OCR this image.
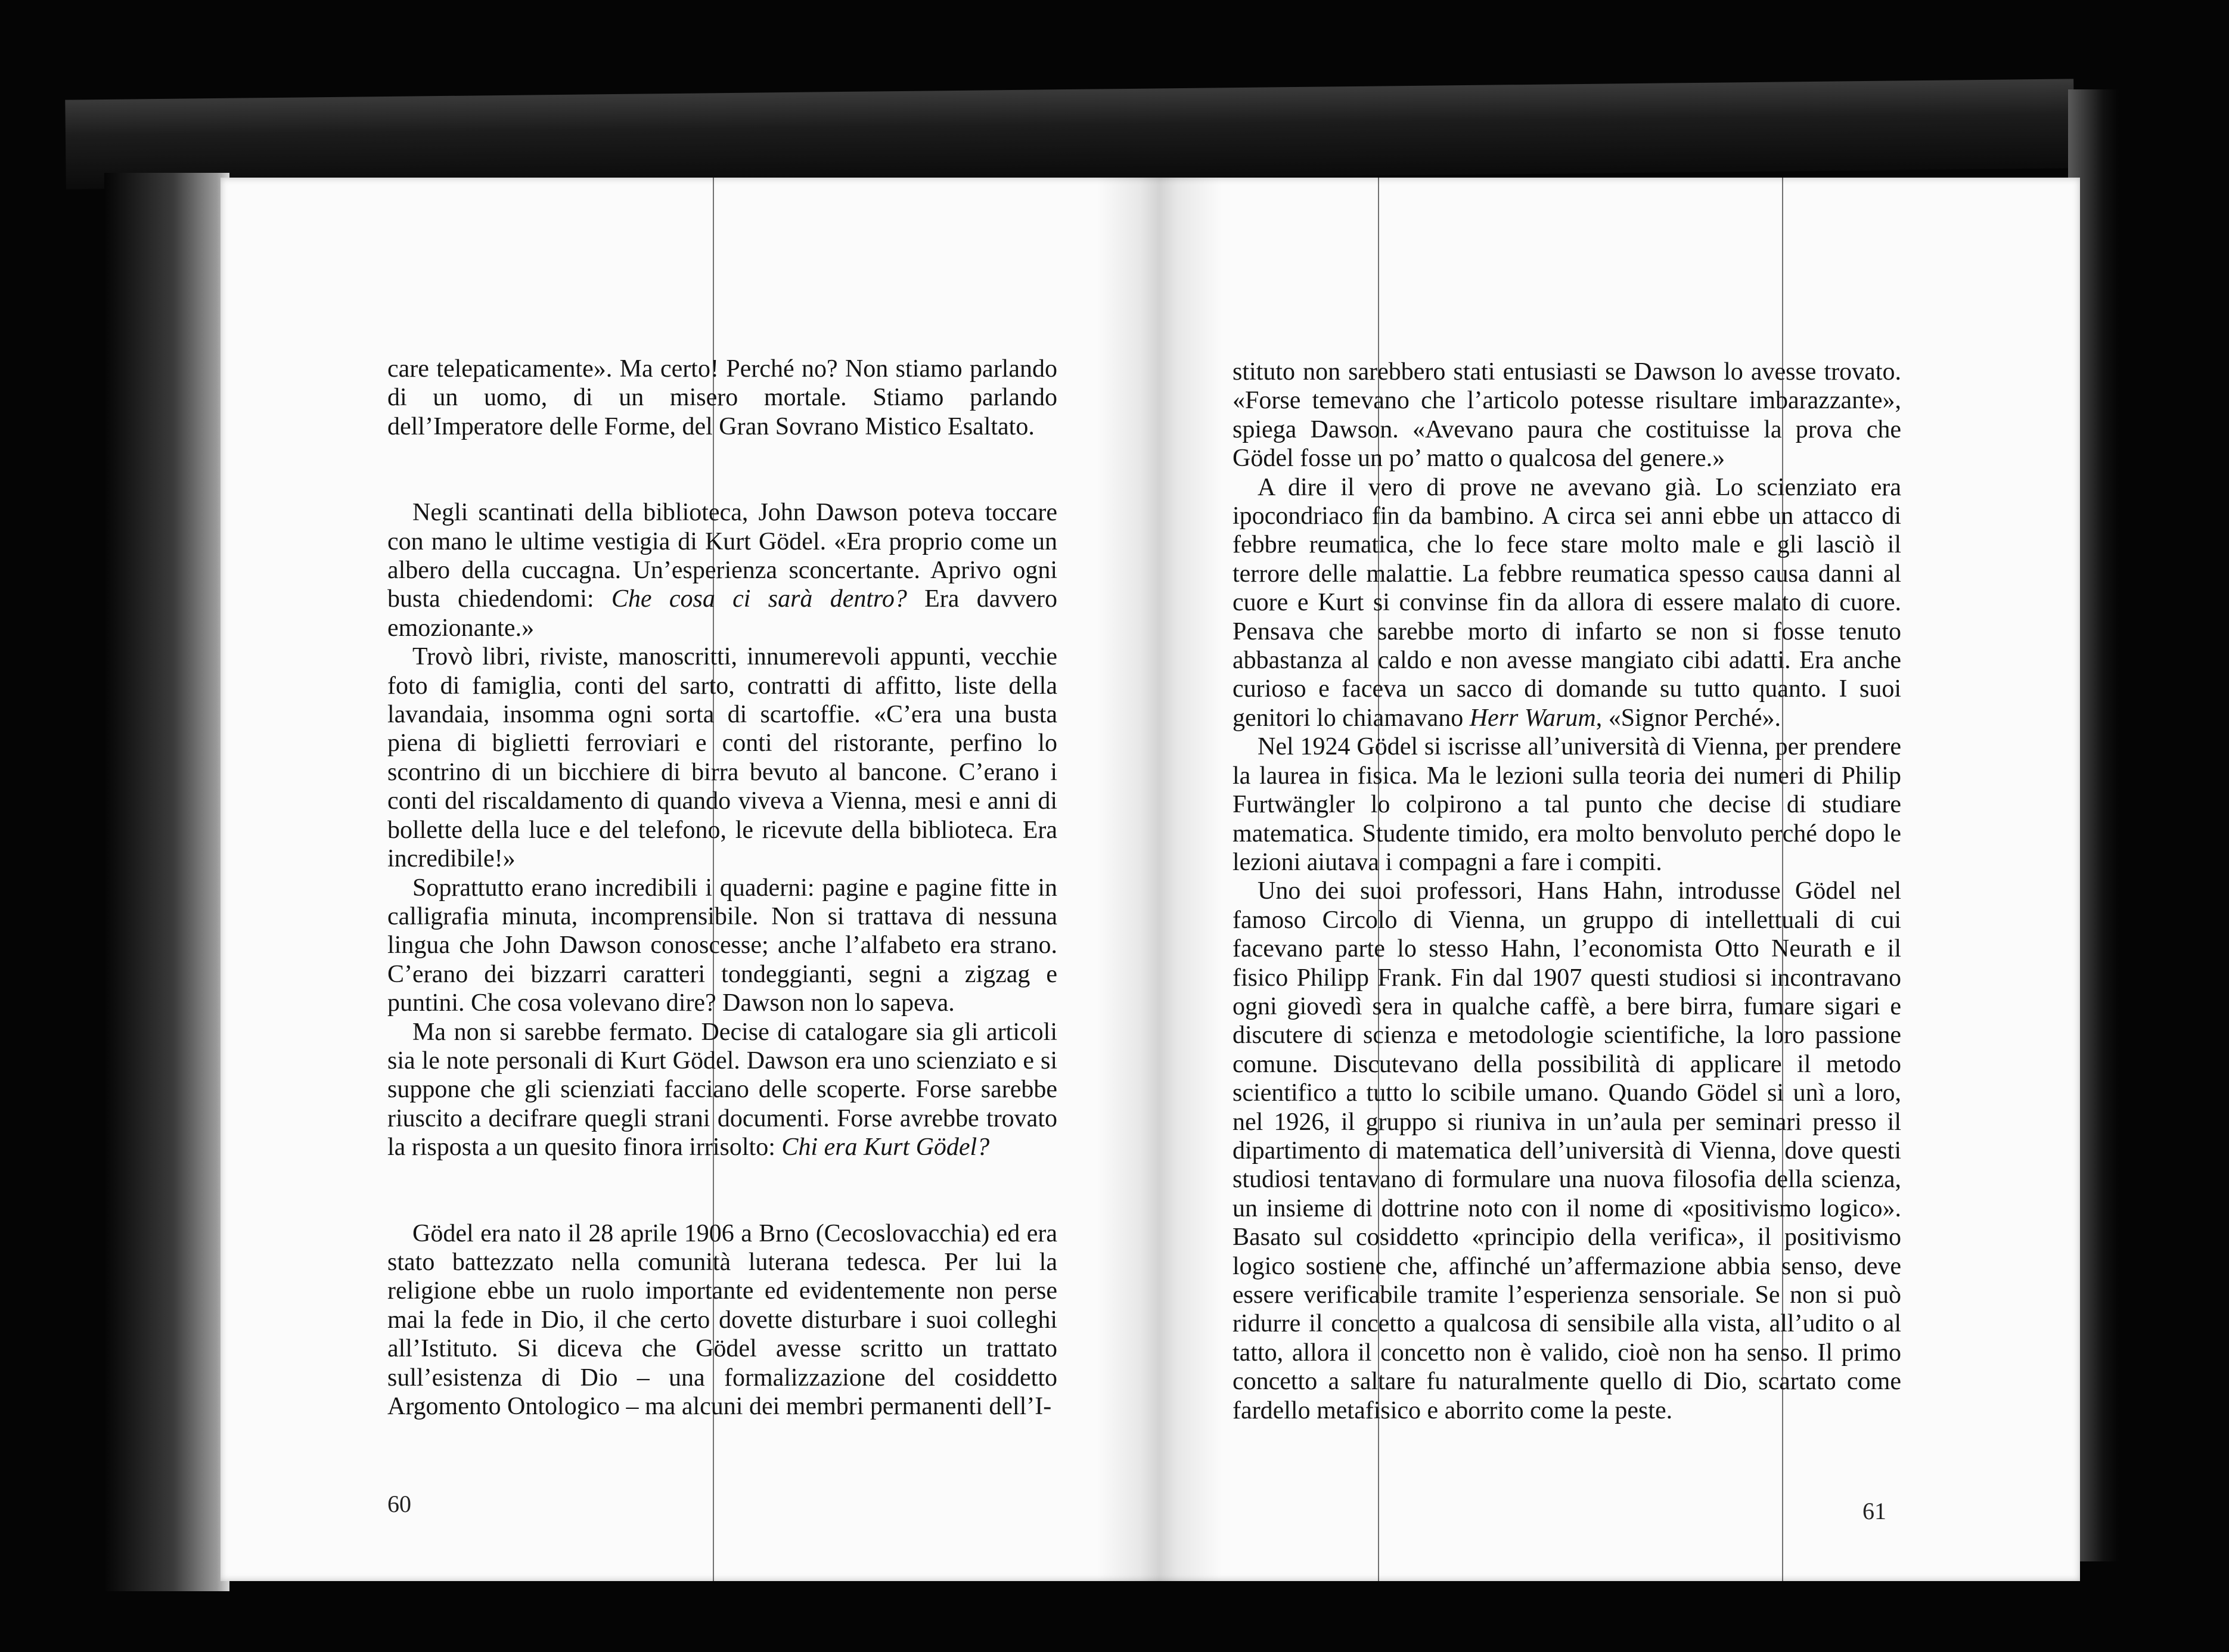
care telepaticamente». Ma certo! Perché no? Non stiamo parlando di un uomo, di un misero mortale. Stiamo parlando dell’Imperatore delle Forme, del Gran Sovrano Mistico Esaltato.

Negli scantinati della biblioteca, John Dawson poteva toccare con mano le ultime vestigia di Kurt Gödel. «Era proprio come un albero della cuccagna. Un’esperienza sconcertante. Aprivo ogni busta chiedendomi: Che cosa ci sarà dentro? Era davvero emozionante.»

Trovò libri, riviste, manoscritti, innumerevoli appunti, vecchie foto di famiglia, conti del sarto, contratti di affitto, liste della lavandaia, insomma ogni sorta di scartoffie. «C’era una busta piena di biglietti ferroviari e conti del ristorante, perfino lo scontrino di un bicchiere di birra bevuto al bancone. C’erano i conti del riscaldamento di quando viveva a Vienna, mesi e anni di bollette della luce e del telefono, le ricevute della biblioteca. Era incredibile!»

Soprattutto erano incredibili i quaderni: pagine e pagine fitte in calligrafia minuta, incomprensibile. Non si trattava di nessuna lingua che John Dawson conoscesse; anche l’alfabeto era strano. C’erano dei bizzarri caratteri tondeggianti, segni a zigzag e puntini. Che cosa volevano dire? Dawson non lo sapeva.

Ma non si sarebbe fermato. Decise di catalogare sia gli articoli sia le note personali di Kurt Gödel. Dawson era uno scienziato e si suppone che gli scienziati facciano delle scoperte. Forse sarebbe riuscito a decifrare quegli strani documenti. Forse avrebbe trovato la risposta a un quesito finora irrisolto: Chi era Kurt Gödel?

Gödel era nato il 28 aprile 1906 a Brno (Cecoslovacchia) ed era stato battezzato nella comunità luterana tedesca. Per lui la religione ebbe un ruolo importante ed evidentemente non perse mai la fede in Dio, il che certo dovette disturbare i suoi colleghi all’Istituto. Si diceva che Gödel avesse scritto un trattato sull’esistenza di Dio – una formalizzazione del cosiddetto Argomento Ontologico – ma alcuni dei membri permanenti dell’I-

60

stituto non sarebbero stati entusiasti se Dawson lo avesse trovato. «Forse temevano che l’articolo potesse risultare imbarazzante», spiega Dawson. «Avevano paura che costituisse la prova che Gödel fosse un po’ matto o qualcosa del genere.»

A dire il vero di prove ne avevano già. Lo scienziato era ipocondriaco fin da bambino. A circa sei anni ebbe un attacco di febbre reumatica, che lo fece stare molto male e gli lasciò il terrore delle malattie. La febbre reumatica spesso causa danni al cuore e Kurt si convinse fin da allora di essere malato di cuore. Pensava che sarebbe morto di infarto se non si fosse tenuto abbastanza al caldo e non avesse mangiato cibi adatti. Era anche curioso e faceva un sacco di domande su tutto quanto. I suoi genitori lo chiamavano Herr Warum, «Signor Perché».

Nel 1924 Gödel si iscrisse all’università di Vienna, per prendere la laurea in fisica. Ma le lezioni sulla teoria dei numeri di Philip Furtwängler lo colpirono a tal punto che decise di studiare matematica. Studente timido, era molto benvoluto perché dopo le lezioni aiutava i compagni a fare i compiti.

Uno dei suoi professori, Hans Hahn, introdusse Gödel nel famoso Circolo di Vienna, un gruppo di intellettuali di cui facevano parte lo stesso Hahn, l’economista Otto Neurath e il fisico Philipp Frank. Fin dal 1907 questi studiosi si incontravano ogni giovedì sera in qualche caffè, a bere birra, fumare sigari e discutere di scienza e metodologie scientifiche, la loro passione comune. Discutevano della possibilità di applicare il metodo scientifico a tutto lo scibile umano. Quando Gödel si unì a loro, nel 1926, il gruppo si riuniva in un’aula per seminari presso il dipartimento di matematica dell’università di Vienna, dove questi studiosi tentavano di formulare una nuova filosofia della scienza, un insieme di dottrine noto con il nome di «positivismo logico». Basato sul cosiddetto «principio della verifica», il positivismo logico sostiene che, affinché un’affermazione abbia senso, deve essere verificabile tramite l’esperienza sensoriale. Se non si può ridurre il concetto a qualcosa di sensibile alla vista, all’udito o al tatto, allora il concetto non è valido, cioè non ha senso. Il primo concetto a saltare fu naturalmente quello di Dio, scartato come fardello metafisico e aborrito come la peste.

61
